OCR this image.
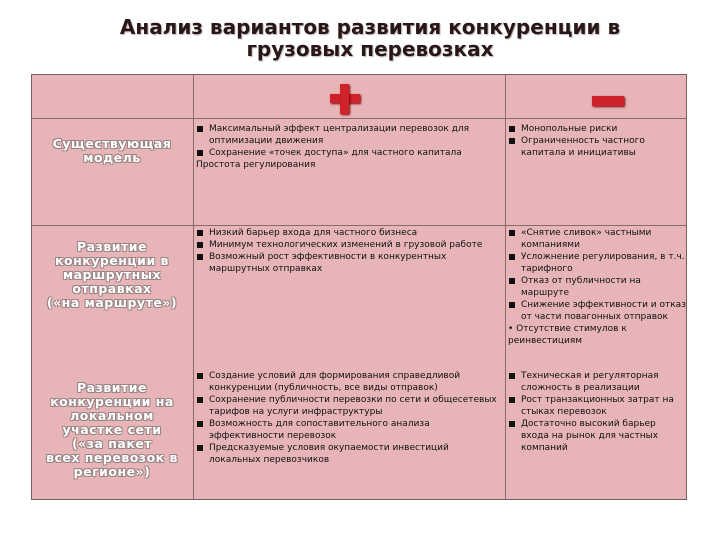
Анализ вариантов развития конкуренции в
грузовых перевозках
Существующая
модель
Максимальный эффект централизации перевозок для оптимизации движения
Сохранение «точек доступа» для частного капитала
Простота регулирования
Монопольные риски
Ограниченность частного капитала и инициативы
Развитие
конкуренции в
маршрутных
отправках
(«на маршруте»)
Низкий барьер входа для частного бизнеса
Минимум технологических изменений в грузовой работе
Возможный рост эффективности в конкурентных маршрутных отправках
«Снятие сливок» частными компаниями
Усложнение регулирования, в т.ч. тарифного
Отказ от публичности на маршруте
Снижение эффективности и отказ от части повагонных отправок
• Отсутствие стимулов к реинвестициям
Развитие
конкуренции на
локальном
участке сети
(«за пакет
всех перевозок в
регионе»)
Создание условий для формирования справедливой конкуренции (публичность, все виды отправок)
Сохранение публичности перевозки по сети и общесетевых тарифов на услуги инфраструктуры
Возможность для сопоставительного анализа эффективности перевозок
Предсказуемые условия окупаемости инвестиций локальных перевозчиков
Техническая и регуляторная сложность в реализации
Рост транзакционных затрат на стыках перевозок
Достаточно высокий барьер входа на рынок для частных компаний
